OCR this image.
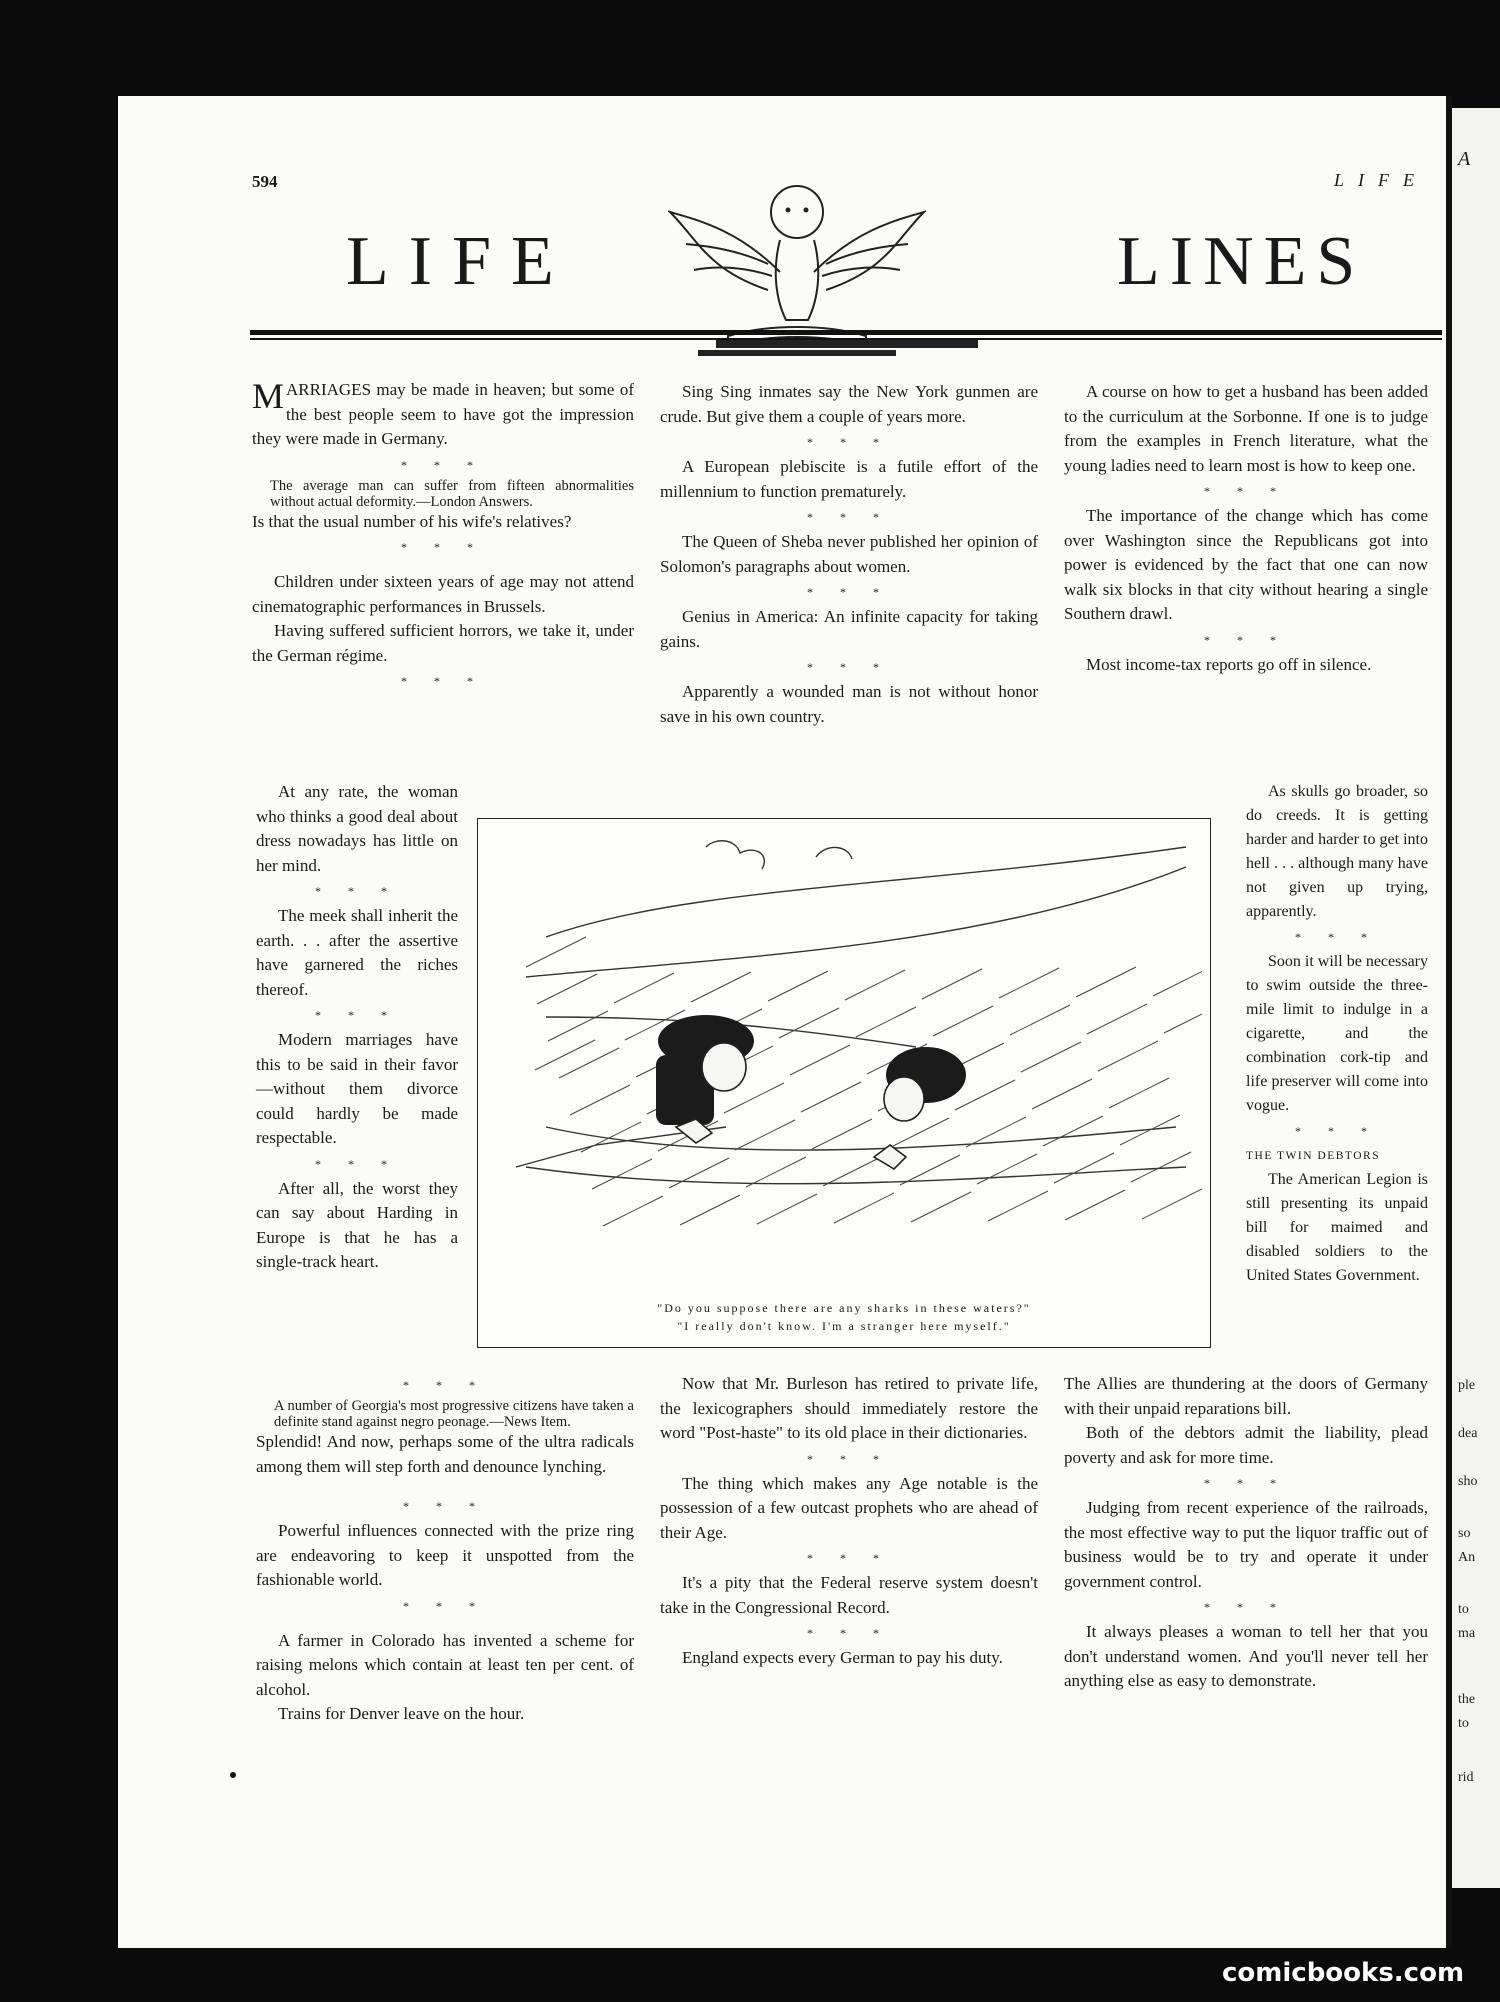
A
ple
dea
sho
so
An
to
ma
the
to
rid
594	LIFE
LIFE	LINES

MARRIAGES may be made in heaven; but some of the best people seem to have got the impression they were made in Germany.

* * *

The average man can suffer from fifteen abnormalities without actual deformity.—London Answers.

Is that the usual number of his wife's relatives?

* * *

Children under sixteen years of age may not attend cinematographic performances in Brussels.

Having suffered sufficient horrors, we take it, under the German régime.

* * *

At any rate, the woman who thinks a good deal about dress nowadays has little on her mind.

* * *

The meek shall inherit the earth. . . after the assertive have garnered the riches thereof.

* * *

Modern marriages have this to be said in their favor—without them divorce could hardly be made respectable.

* * *

After all, the worst they can say about Harding in Europe is that he has a single-track heart.

* * *

A number of Georgia's most progressive citizens have taken a definite stand against negro peonage.—News Item.

Splendid! And now, perhaps some of the ultra radicals among them will step forth and denounce lynching.

* * *

Powerful influences connected with the prize ring are endeavoring to keep it unspotted from the fashionable world.

* * *

A farmer in Colorado has invented a scheme for raising melons which contain at least ten per cent. of alcohol.

Trains for Denver leave on the hour.

Sing Sing inmates say the New York gunmen are crude. But give them a couple of years more.

* * *

A European plebiscite is a futile effort of the millennium to function prematurely.

* * *

The Queen of Sheba never published her opinion of Solomon's paragraphs about women.

* * *

Genius in America: An infinite capacity for taking gains.

* * *

Apparently a wounded man is not without honor save in his own country.

Now that Mr. Burleson has retired to private life, the lexicographers should immediately restore the word "Post-haste" to its old place in their dictionaries.

* * *

The thing which makes any Age notable is the possession of a few outcast prophets who are ahead of their Age.

* * *

It's a pity that the Federal reserve system doesn't take in the Congressional Record.

* * *

England expects every German to pay his duty.

A course on how to get a husband has been added to the curriculum at the Sorbonne. If one is to judge from the examples in French literature, what the young ladies need to learn most is how to keep one.

* * *

The importance of the change which has come over Washington since the Republicans got into power is evidenced by the fact that one can now walk six blocks in that city without hearing a single Southern drawl.

* * *

Most income-tax reports go off in silence.

As skulls go broader, so do creeds. It is getting harder and harder to get into hell . . . although many have not given up trying, apparently.

* * *

Soon it will be necessary to swim outside the three-mile limit to indulge in a cigarette, and the combination cork-tip and life preserver will come into vogue.

* * *

THE TWIN DEBTORS

The American Legion is still presenting its unpaid bill for maimed and disabled soldiers to the United States Government.

The Allies are thundering at the doors of Germany with their unpaid reparations bill.

Both of the debtors admit the liability, plead poverty and ask for more time.

* * *

Judging from recent experience of the railroads, the most effective way to put the liquor traffic out of business would be to try and operate it under government control.

* * *

It always pleases a woman to tell her that you don't understand women. And you'll never tell her anything else as easy to demonstrate.

"Do you suppose there are any sharks in these waters?"
"I really don't know. I'm a stranger here myself."
comicbooks.com
